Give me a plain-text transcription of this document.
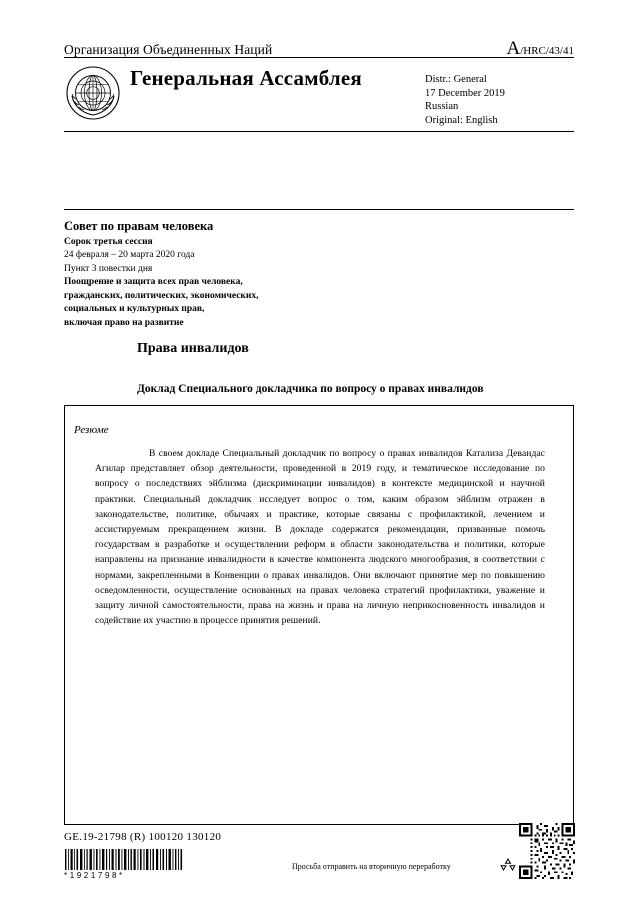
Организация Объединенных Наций	A/HRC/43/41
Генеральная Ассамблея	Distr.: General
17 December 2019
Russian
Original: English
Совет по правам человека
Сорок третья сессия
24 февраля – 20 марта 2020 года
Пункт 3 повестки дня
Поощрение и защита всех прав человека,
гражданских, политических, экономических,
социальных и культурных прав,
включая право на развитие
Права инвалидов
Доклад Специального докладчика по вопросу о правах инвалидов
Резюме
В своем докладе Специальный докладчик по вопросу о правах инвалидов Катализа Девандас Агилар представляет обзор деятельности, проведенной в 2019 году, и тематическое исследование по вопросу о последствиях эйблизма (дискриминации инвалидов) в контексте медицинской и научной практики. Специальный докладчик исследует вопрос о том, каким образом эйблизм отражен в законодательстве, политике, обычаях и практике, которые связаны с профилактикой, лечением и ассистируемым прекращением жизни. В докладе содержатся рекомендации, призванные помочь государствам в разработке и осуществлении реформ в области законодательства и политики, которые направлены на признание инвалидности в качестве компонента людского многообразия, в соответствии с нормами, закрепленными в Конвенции о правах инвалидов. Они включают принятие мер по повышению осведомленности, осуществление основанных на правах человека стратегий профилактики, уважение и защиту личной самостоятельности, права на жизнь и права на личную неприкосновенность инвалидов и содействие их участию в процессе принятия решений.
GE.19-21798 (R) 100120 130120
*1921798*
Просьба отправить на вторичную переработку
